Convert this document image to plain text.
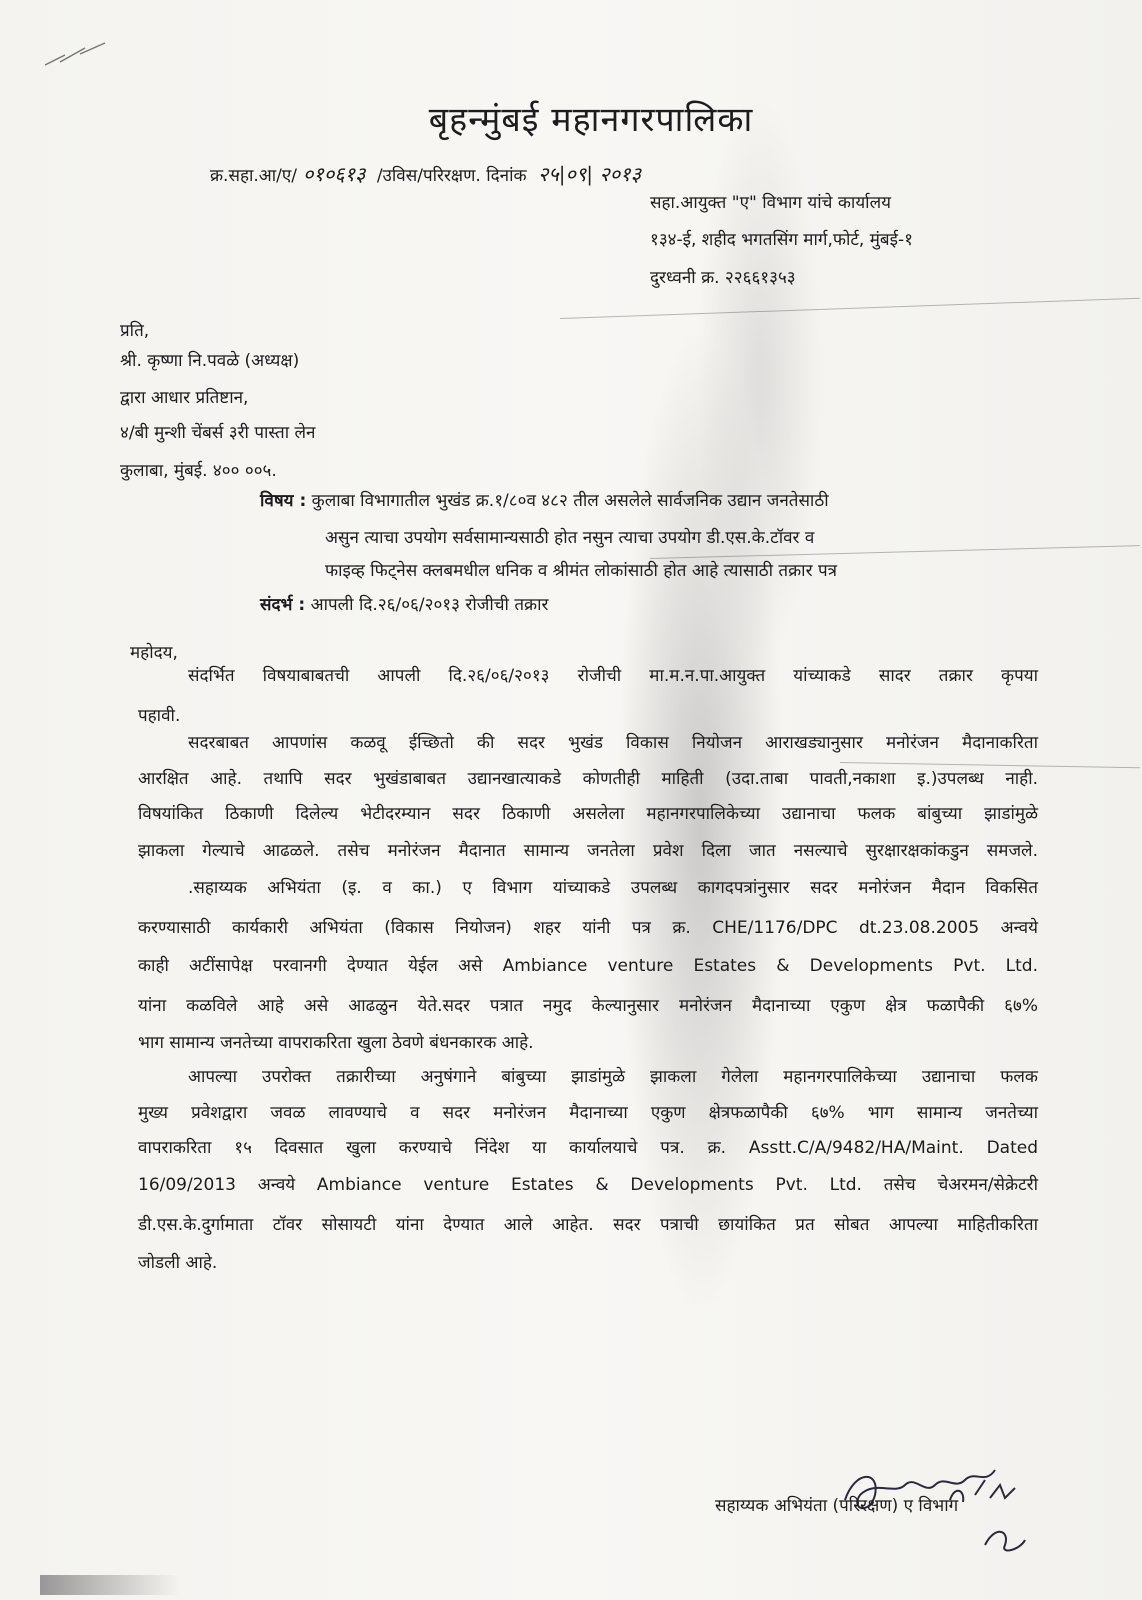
बृहन्मुंबई महानगरपालिका
क्र.सहा.आ/ए/ ०१०६१३ /उविस/परिरक्षण. दिनांक २५|०९| २०१३
सहा.आयुक्त "ए" विभाग यांचे कार्यालय
१३४-ई, शहीद भगतसिंग मार्ग,फोर्ट, मुंबई-१
दुरध्वनी क्र. २२६६१३५३
प्रति,
श्री. कृष्णा नि.पवळे (अध्यक्ष)
द्वारा आधार प्रतिष्टान,
४/बी मुन्शी चेंबर्स ३री पास्ता लेन
कुलाबा, मुंबई. ४०० ००५.
विषय : कुलाबा विभागातील भुखंड क्र.१/८०व ४८२ तील असलेले सार्वजनिक उद्यान जनतेसाठी
असुन त्याचा उपयोग सर्वसामान्यसाठी होत नसुन त्याचा उपयोग डी.एस.के.टॉवर व
फाइव्ह फिट्नेस क्लबमधील धनिक व श्रीमंत लोकांसाठी होत आहे त्यासाठी तक्रार पत्र
संदर्भ : आपली दि.२६/०६/२०१३ रोजीची तक्रार
महोदय,
संदर्भित विषयाबाबतची आपली दि.२६/०६/२०१३ रोजीची मा.म.न.पा.आयुक्त यांच्याकडे सादर तक्रार कृपया
पहावी.
सदरबाबत आपणांस कळवू ईच्छितो की सदर भुखंड विकास नियोजन आराखड्यानुसार मनोरंजन मैदानाकरिता
आरक्षित आहे. तथापि सदर भुखंडाबाबत उद्यानखात्याकडे कोणतीही माहिती (उदा.ताबा पावती,नकाशा इ.)उपलब्ध नाही.
विषयांकित ठिकाणी दिलेल्य भेटीदरम्यान सदर ठिकाणी असलेला महानगरपालिकेच्या उद्यानाचा फलक बांबुच्या झाडांमुळे
झाकला गेल्याचे आढळले. तसेच मनोरंजन मैदानात सामान्य जनतेला प्रवेश दिला जात नसल्याचे सुरक्षारक्षकांकडुन समजले.
.सहाय्यक अभियंता (इ. व का.) ए विभाग यांच्याकडे उपलब्ध कागदपत्रांनुसार सदर मनोरंजन मैदान विकसित
करण्यासाठी कार्यकारी अभियंता (विकास नियोजन) शहर यांनी पत्र क्र. CHE/1176/DPC dt.23.08.2005 अन्वये
काही अटींसापेक्ष परवानगी देण्यात येईल असे Ambiance venture Estates & Developments Pvt. Ltd.
यांना कळविले आहे असे आढळुन येते.सदर पत्रात नमुद केल्यानुसार मनोरंजन मैदानाच्या एकुण क्षेत्र फळापैकी ६७%
भाग सामान्य जनतेच्या वापराकरिता खुला ठेवणे बंधनकारक आहे.
आपल्या उपरोक्त तक्रारीच्या अनुषंगाने बांबुच्या झाडांमुळे झाकला गेलेला महानगरपालिकेच्या उद्यानाचा फलक
मुख्य प्रवेशद्वारा जवळ लावण्याचे व सदर मनोरंजन मैदानाच्या एकुण क्षेत्रफळापैकी ६७% भाग सामान्य जनतेच्या
वापराकरिता १५ दिवसात खुला करण्याचे निंदेश या कार्यालयाचे पत्र. क्र. Asstt.C/A/9482/HA/Maint. Dated
16/09/2013 अन्वये Ambiance venture Estates & Developments Pvt. Ltd. तसेच चेअरमन/सेक्रेटरी
डी.एस.के.दुर्गामाता टॉवर सोसायटी यांना देण्यात आले आहेत. सदर पत्राची छायांकित प्रत सोबत आपल्या माहितीकरिता
जोडली आहे.
सहाय्यक अभियंता (परिरक्षण) ए विभाग
